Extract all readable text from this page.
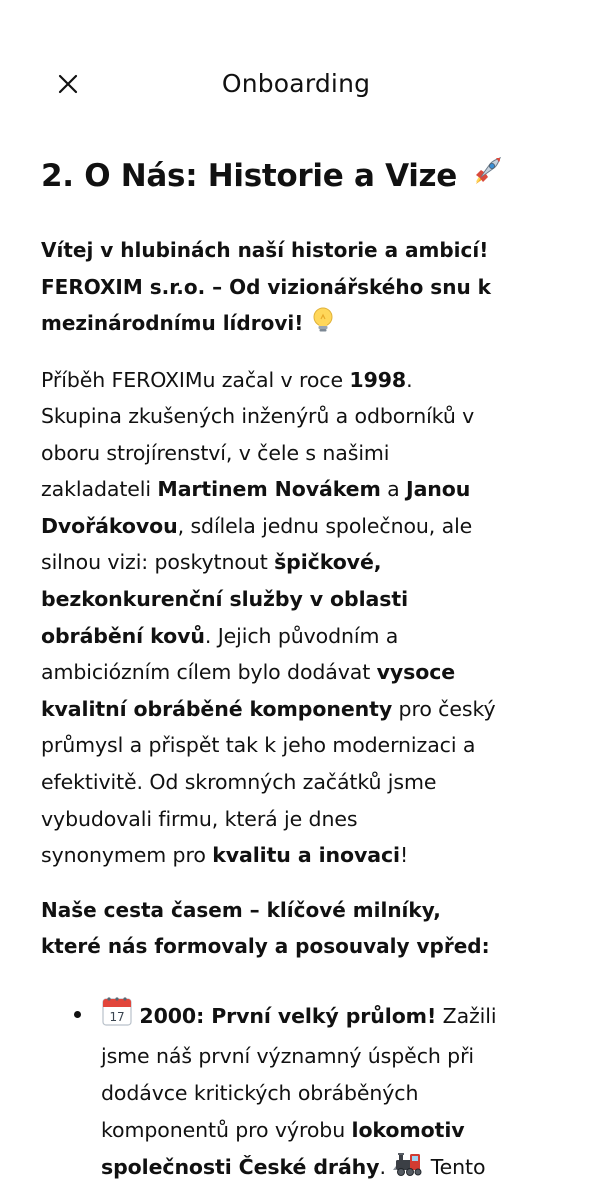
Onboarding
2. O Nás: Historie a Vize
Vítej v hlubinách naší historie a ambicí!
FEROXIM s.r.o. – Od vizionářského snu k
mezinárodnímu lídrovi!
Příběh FEROXIMu začal v roce 1998.
Skupina zkušených inženýrů a odborníků v
oboru strojírenství, v čele s našimi
zakladateli Martinem Novákem a Janou
Dvořákovou, sdílela jednu společnou, ale
silnou vizi: poskytnout špičkové,
bezkonkurenční služby v oblasti
obrábění kovů. Jejich původním a
ambiciózním cílem bylo dodávat vysoce
kvalitní obráběné komponenty pro český
průmysl a přispět tak k jeho modernizaci a
efektivitě. Od skromných začátků jsme
vybudovali firmu, která je dnes
synonymem pro kvalitu a inovaci!
Naše cesta časem – klíčové milníky,
které nás formovaly a posouvaly vpřed:
17 2000: První velký průlom! Zažili
jsme náš první významný úspěch při
dodávce kritických obráběných
komponentů pro výrobu lokomotiv
společnosti České dráhy. Tento
